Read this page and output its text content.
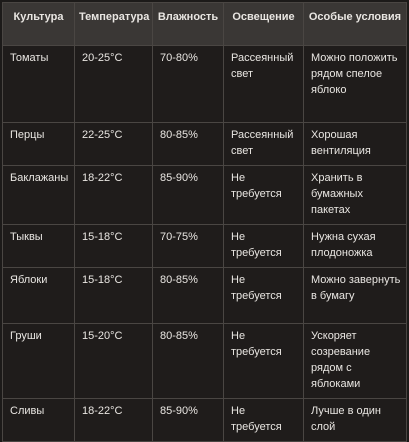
Культура	Температура	Влажность	Освещение	Особые условия
Томаты	20-25°C	70-80%	Рассеянный свет	Можно положить рядом спелое яблоко
Перцы	22-25°C	80-85%	Рассеянный свет	Хорошая вентиляция
Баклажаны	18-22°C	85-90%	Не требуется	Хранить в бумажных пакетах
Тыквы	15-18°C	70-75%	Не требуется	Нужна сухая плодоножка
Яблоки	15-18°C	80-85%	Не требуется	Можно завернуть в бумагу
Груши	15-20°C	80-85%	Не требуется	Ускоряет созревание рядом с яблоками
Сливы	18-22°C	85-90%	Не требуется	Лучше в один слой
